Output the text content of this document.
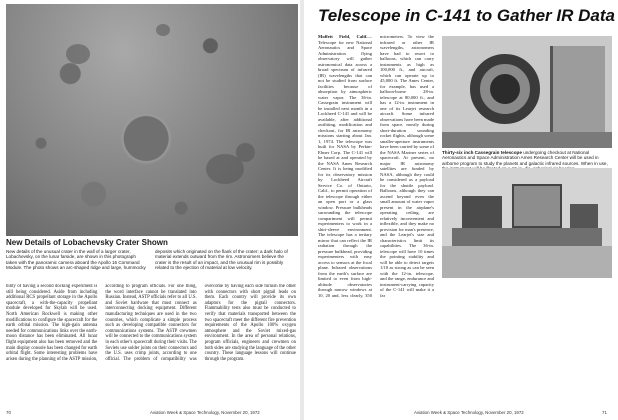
New Details of Lobachevsky Crater Shown

New details of the unusual crater in the wall of a larger crater, Lobachevsky, on the lunar farside, are shown in this photograph taken with the panoramic camera aboard the Apollo 16 Command Module. The photo shows an arc-shaped ridge and large, hummocky deposits which originated on the flank of the crater; a dark halo of material extends outward from the rim. Astronomers believe the crater is the result of an impact, and the unusual rim is possibly related to the ejection of material at low velocity.

bility of having a second docking experiment is still being considered. Aside from including additional RCS propellant storage in the Apollo spacecraft, a with-the-capacity propellant module developed for Skylab will be used. North American Rockwell is making other modifications to configure the spacecraft for the earth orbital mission. The high-gain antenna needed for communications links over the earth-moon distance has been eliminated. All lunar flight equipment also has been removed and the main display console has been changed for earth orbital flight. Some interesting problems have arisen during the planning of the ASTP mission, according to program officials. For one thing, the word interface cannot be translated into Russian. Instead, ASTP officials refer to all U.S. and Soviet hardware that must connect as interconnecting docking equipment. Different manufacturing techniques are used in the two countries, which complicate a simple process such as developing compatible connectors for communications systems. The ASTP crewmen will be connected to the communications system in each other's spacecraft during their visits. The Soviets use solder joints on their connectors and the U.S. uses crimp joints, according to one official. The problem of compatibility was overcome by having each side furnish the other with connectors with short pigtail leads on them. Each country will provide its own adaptors for the pigtail connectors. Flammability tests also must be conducted to verify that materials transported between the two spacecraft meet the different fire prevention requirements of the Apollo 100% oxygen atmosphere and the Soviet mixed-gas environment. In the area of personal relations, program officials, engineers and crewmen on both sides are studying the language of the other country. These language lessons will continue through the program.

70	Aviation Week & Space Technology, November 20, 1972
Telescope in C-141 to Gather IR Data

Moffett Field, Calif.—Telescope for new National Aeronautics and Space Administration flying observatory will gather astronomical data across a broad spectrum of infrared (IR) wavelengths that can not be studied from surface facilities because of absorption by atmospheric water vapor. The 36-in. Cassegrain instrument will be installed next month in a Lockheed C-141 and will be available, after additional outfitting, modification and checkout, for IR astronomy missions starting about Jan. 1, 1974. The telescope was built for NASA by Perkin-Elmer Corp. The C-141 will be based at and operated by the NASA Ames Research Center. It is being modified for its observatory mission by Lockheed Aircraft Service Co. of Ontario, Calif., to permit operation of the telescope through either an open port or a glass window. Pressure bulkheads surrounding the telescope compartment will permit experimenters to work in a shirt-sleeve environment. The telescope has a tertiary mirror that can reflect the IR radiation through the pressure bulkhead, providing experimenters with easy access to sensors at the focal plane. Infrared observations from the earth's surface are limited to even from high-altitude observatories through narrow windows at 10, 20 and, less clearly, 350 micrometers. To view the infrared or other IR wavelengths, astronomers have had to resort to balloons, which can carry instruments as high as 100,000 ft., and aircraft, which can operate up to 45,000 ft. The Ames Center, for example, has used a balloon-borne 28-in. telescope at 80,000 ft., and has a 12-in. instrument in one of its Learjet research aircraft. Some infrared observations have been made from space, mostly during short-duration sounding rocket flights, although some smaller-aperture instruments have been carried by some of the NASA Mariner series of spacecraft. At present, no major IR astronomy satellites are funded by NASA, although they could be considered as a payload for the shuttle payload. Balloons, although they can ascend beyond even the small amount of water vapor present in the airplane's operating ceiling, are relatively inconvenient and inflexible, and they make no provision for man's presence, and the Learjet's size and characteristics limit its capabilities. The 36-in. telescope will have 10 times the pointing stability and will be able to detect targets 1/10 as strong as can be seen with the 12-in. telescope, and the range, endurance and instrument-carrying capacity of the C-141 will make it a far

Thirty-six inch Cassegrain telescope undergoing checkout at National Aeronautics and Space Administration Ames Research Center will be used in airborne program to study the planets and galactic infrared sources. When in use,

Aviation Week & Space Technology, November 20, 1972	71
